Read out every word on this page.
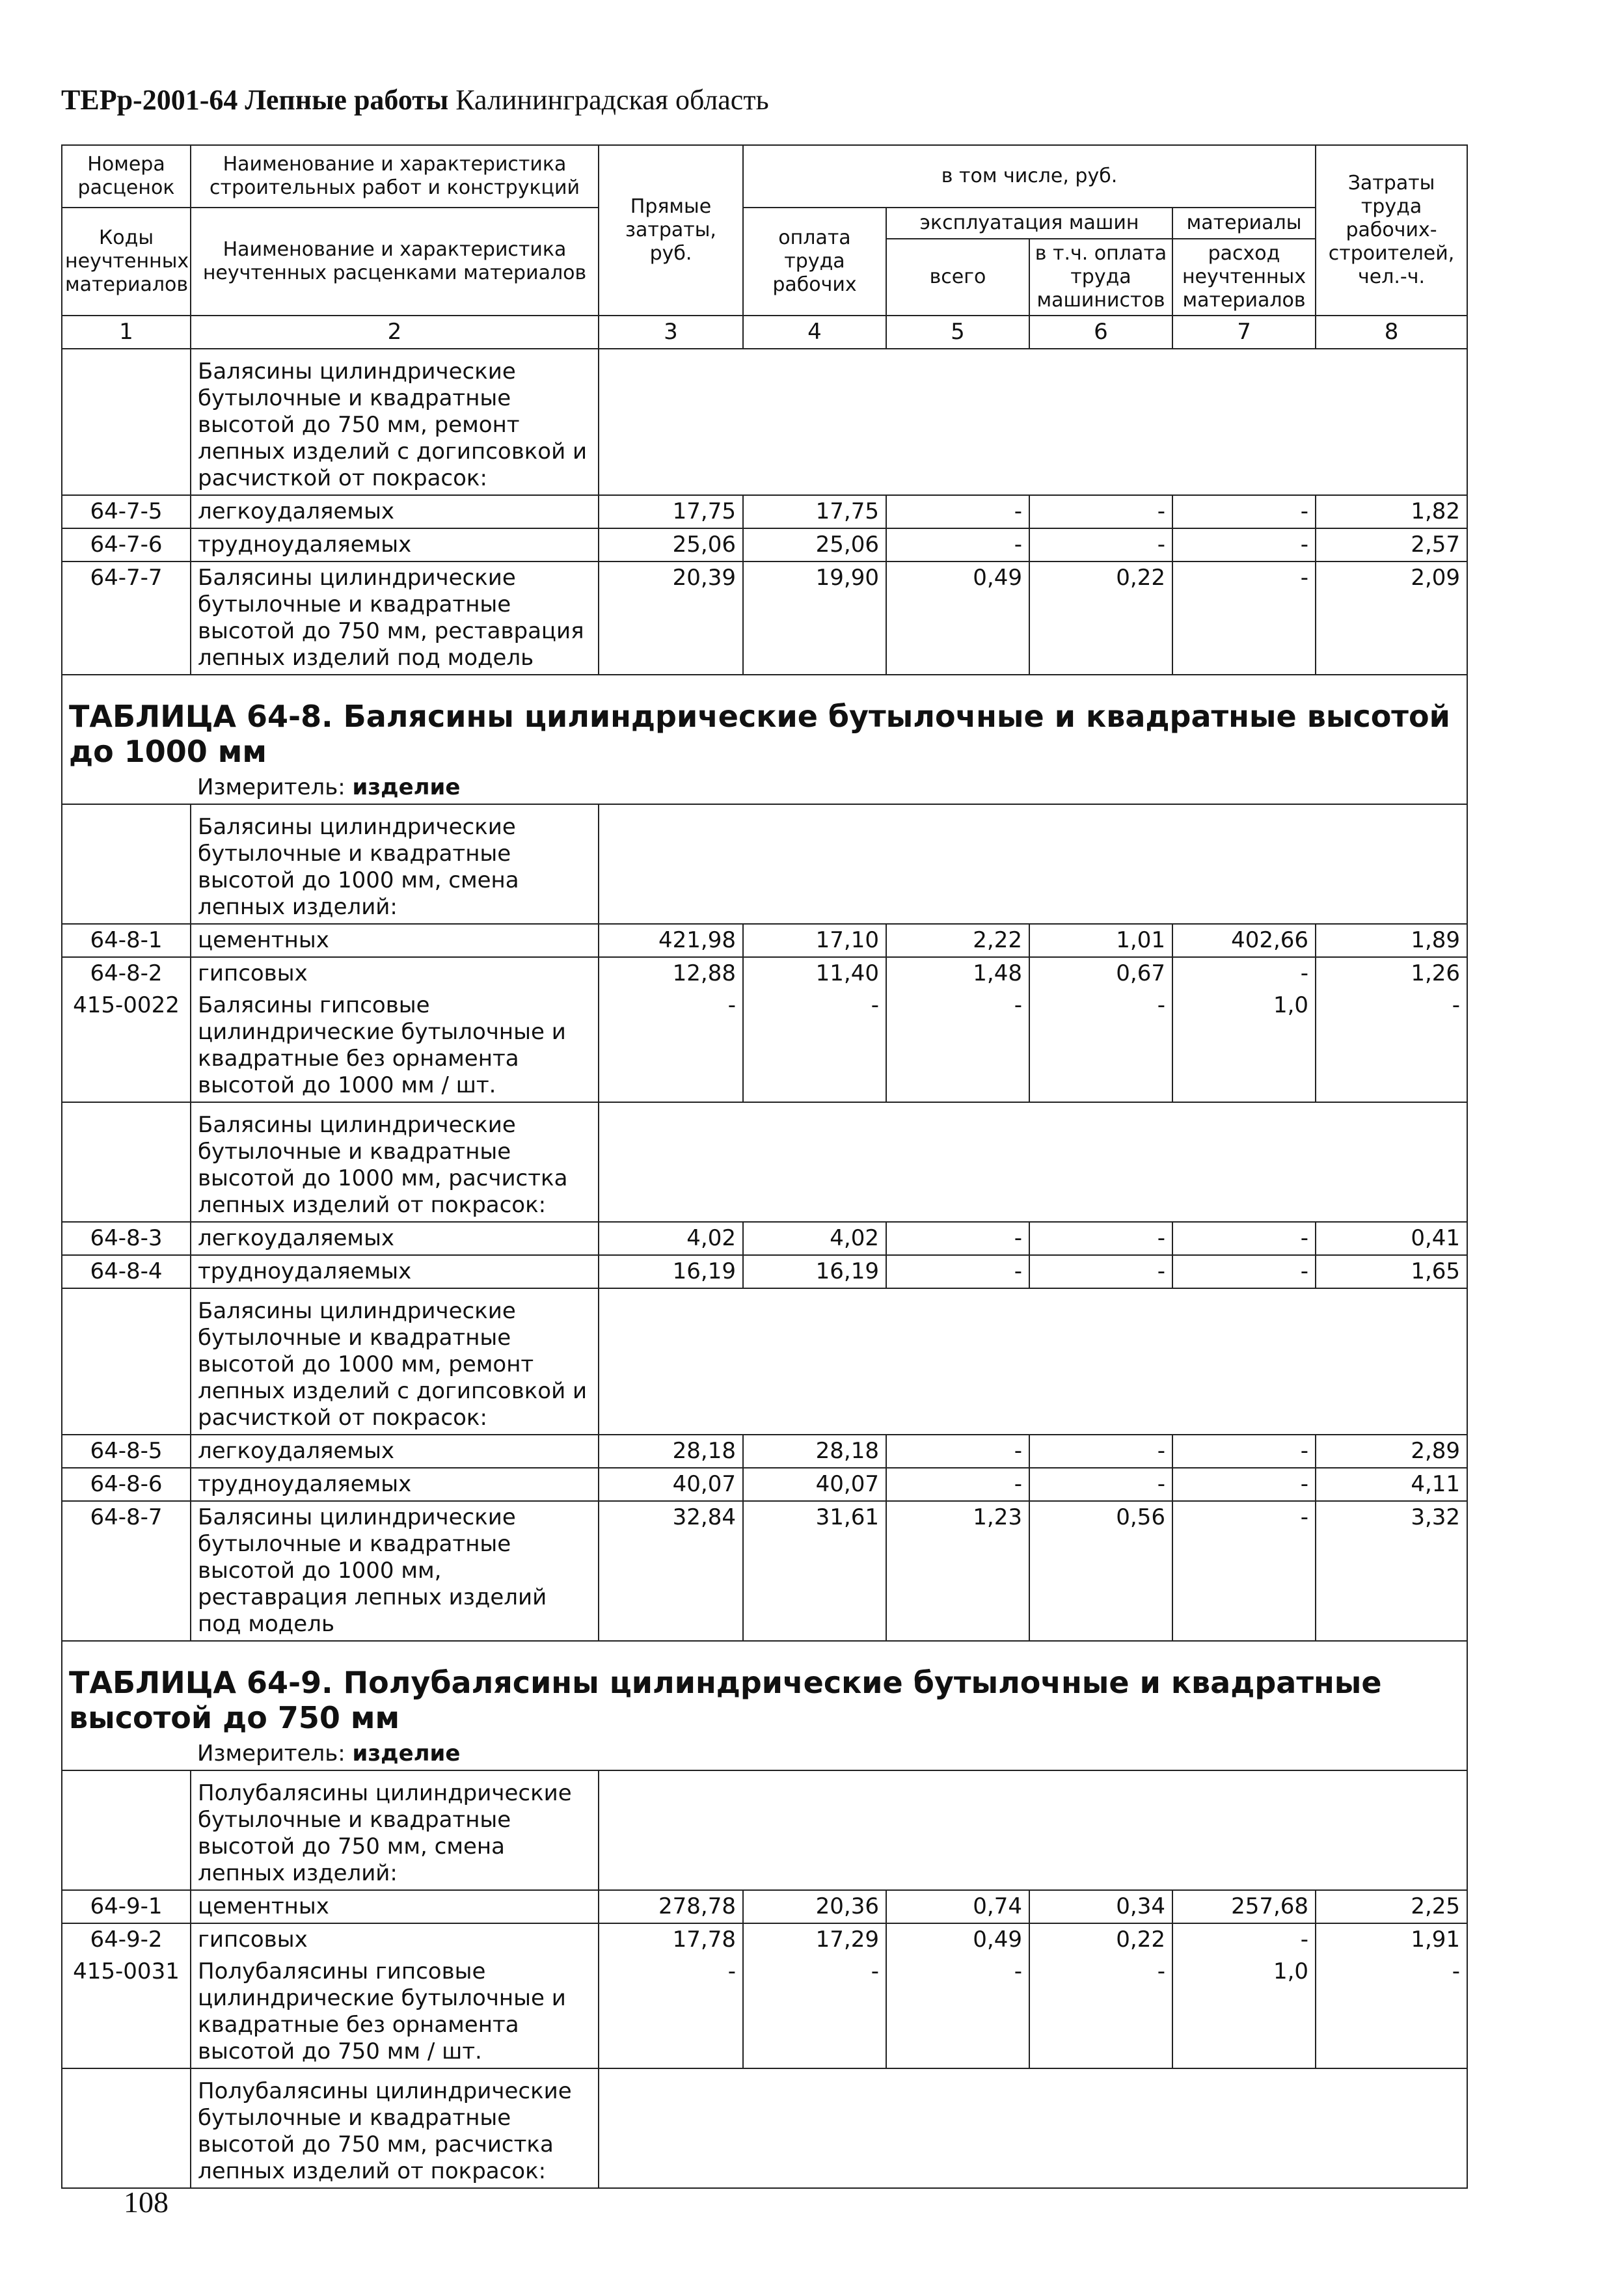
ТЕРр-2001-64 Лепные работы Калининградская область
Номера расценок	Наименование и характеристика строительных работ и конструкций	Прямые затраты, руб.	в том числе, руб.				Затраты труда рабочих-строителей, чел.-ч.
Коды неучтенных материалов	Наименование и характеристика неучтенных расценками материалов		оплата труда рабочих	эксплуатация машин		материалы	
				всего	в т.ч. оплата труда машинистов	расход неучтенных материалов	
1	2	3	4	5	6	7	8
	Балясины цилиндрические бутылочные и квадратные высотой до 750 мм, ремонт лепных изделий с догипсовкой и расчисткой от покрасок:						
64-7-5	легкоудаляемых	17,75	17,75	-	-	-	1,82
64-7-6	трудноудаляемых	25,06	25,06	-	-	-	2,57
64-7-7	Балясины цилиндрические бутылочные и квадратные высотой до 750 мм, реставрация лепных изделий под модель	20,39	19,90	0,49	0,22	-	2,09

ТАБЛИЦА 64-8. Балясины цилиндрические бутылочные и квадратные высотой до 1000 мм							

	Измеритель: изделие						
	Балясины цилиндрические бутылочные и квадратные высотой до 1000 мм, смена лепных изделий:						
64-8-1	цементных	421,98	17,10	2,22	1,01	402,66	1,89
64-8-2	гипсовых	12,88	11,40	1,48	0,67	-	1,26
415-0022	Балясины гипсовые цилиндрические бутылочные и квадратные без орнамента высотой до 1000 мм / шт.	-	-	-	-	1,0	-
	Балясины цилиндрические бутылочные и квадратные высотой до 1000 мм, расчистка лепных изделий от покрасок:						
64-8-3	легкоудаляемых	4,02	4,02	-	-	-	0,41
64-8-4	трудноудаляемых	16,19	16,19	-	-	-	1,65
	Балясины цилиндрические бутылочные и квадратные высотой до 1000 мм, ремонт лепных изделий с догипсовкой и расчисткой от покрасок:						
64-8-5	легкоудаляемых	28,18	28,18	-	-	-	2,89
64-8-6	трудноудаляемых	40,07	40,07	-	-	-	4,11
64-8-7	Балясины цилиндрические бутылочные и квадратные высотой до 1000 мм, реставрация лепных изделий под модель	32,84	31,61	1,23	0,56	-	3,32

ТАБЛИЦА 64-9. Полубалясины цилиндрические бутылочные и квадратные высотой до 750 мм							

	Измеритель: изделие						
	Полубалясины цилиндрические бутылочные и квадратные высотой до 750 мм, смена лепных изделий:						
64-9-1	цементных	278,78	20,36	0,74	0,34	257,68	2,25
64-9-2	гипсовых	17,78	17,29	0,49	0,22	-	1,91
415-0031	Полубалясины гипсовые цилиндрические бутылочные и квадратные без орнамента высотой до 750 мм / шт.	-	-	-	-	1,0	-
	Полубалясины цилиндрические бутылочные и квадратные высотой до 750 мм, расчистка лепных изделий от покрасок:						
108
